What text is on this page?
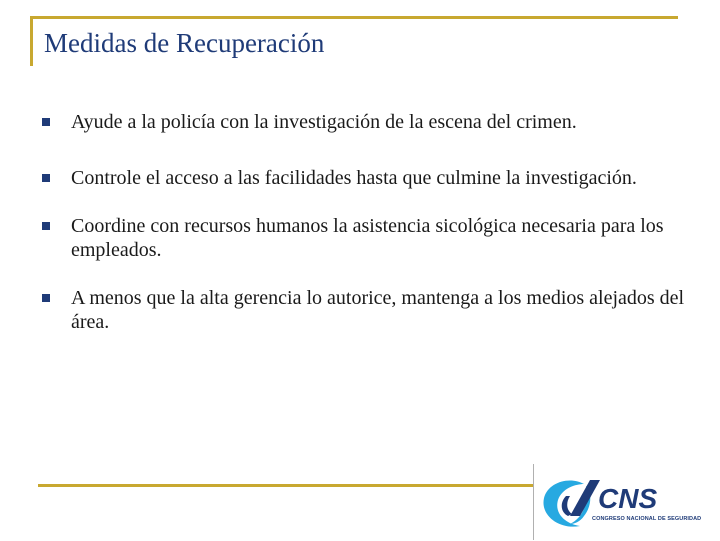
Medidas de Recuperación
Ayude a la policía con la investigación de la escena del crimen.
Controle el acceso a las facilidades hasta que culmine la investigación.
Coordine con recursos humanos la asistencia sicológica necesaria para los empleados.
A menos que la alta gerencia lo autorice, mantenga a los medios alejados del área.
CNS
CONGRESO NACIONAL DE SEGURIDAD
